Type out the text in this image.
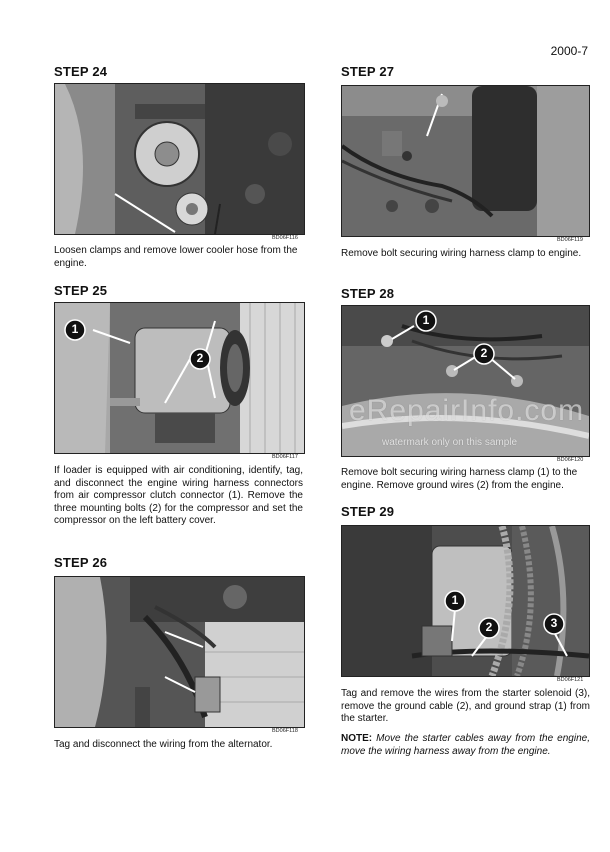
2000-7
STEP 24
BD06F116
Loosen clamps and remove lower cooler hose from the engine.
STEP 25
1
2
BD06F117
If loader is equipped with air conditioning, identify, tag, and disconnect the engine wiring harness connectors from air compressor clutch connector (1). Remove the three mounting bolts (2) for the compressor and set the compressor on the left battery cover.
STEP 26
BD06F118
Tag and disconnect the wiring from the alternator.
STEP 27
BD06F119
Remove bolt securing wiring harness clamp to engine.
STEP 28
1
2
eRepairInfo.com
watermark only on this sample
BD06F120
Remove bolt securing wiring harness clamp (1) to the engine. Remove ground wires (2) from the engine.
STEP 29
1
2	3
BD06F121
Tag and remove the wires from the starter solenoid (3), remove the ground cable (2), and ground strap (1) from the starter.
NOTE: Move the starter cables away from the engine, move the wiring harness away from the engine.
